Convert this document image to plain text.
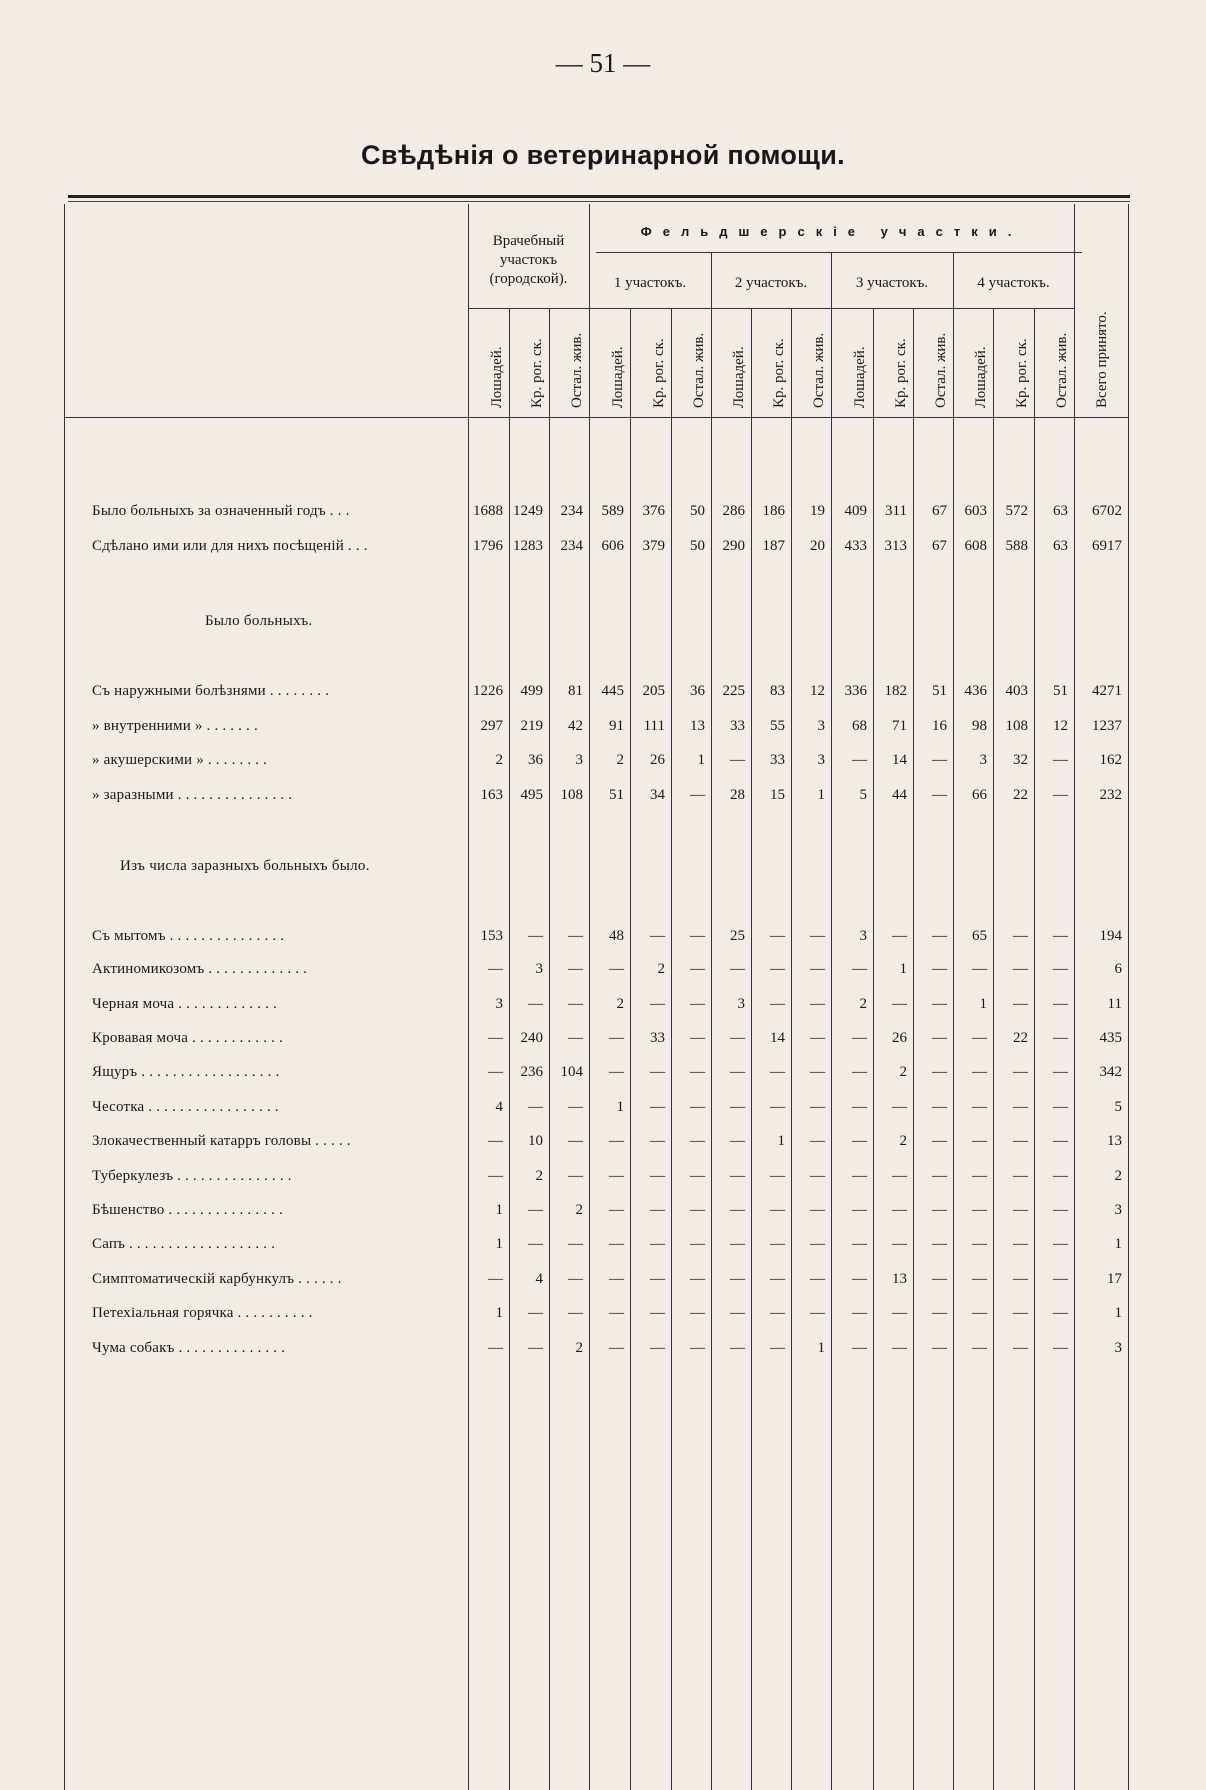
— 51 —
Свѣдѣнія о ветеринарной помощи.
Врачебный
участокъ
(городской).
Фельдшерскіе участки.
1 участокъ.	2 участокъ.	3 участокъ.	4 участокъ.
Лошадей. Кр. рог. ск. Остал. жив. Лошадей. Кр. рог. ск. Остал. жив. Лошадей. Кр. рог. ск. Остал. жив. Лошадей. Кр. рог. ск. Остал. жив. Лошадей. Кр. рог. ск. Остал. жив. Всего принято.
Было больныхъ за означенный годъ . . .	1688 1249	234	589	376	50	286	186	19	409	311	67	603	572	63	6702
Сдѣлано ими или для нихъ посѣщеній . . .	1796 1283	234	606	379	50	290	187	20	433	313	67	608	588	63	6917
Съ наружными болѣзнями . . . . . . . .	1226	499	81	445	205	36	225	83	12	336	182	51	436	403	51	4271
» внутренними » . . . . . . .	297	219	42	91	111	13	33	55	3	68	71	16	98	108	12	1237
» акушерскими » . . . . . . . .	2	36	3	2	26	1	—	33	3	—	14	—	3	32	—	162
» заразными . . . . . . . . . . . . . . .	163	495	108	51	34	—	28	15	1	5	44	—	66	22	—	232
Съ мытомъ . . . . . . . . . . . . . . .	153	—	—	48	—	—	25	—	—	3	—	—	65	—	—	194
Актиномикозомъ . . . . . . . . . . . . .	—	3	—	—	2	—	—	—	—	—	1	—	—	—	—	6
Черная моча . . . . . . . . . . . . .	3	—	—	2	—	—	3	—	—	2	—	—	1	—	—	11
Кровавая моча . . . . . . . . . . . .	—	240	—	—	33	—	—	14	—	—	26	—	—	22	—	435
Ящуръ . . . . . . . . . . . . . . . . . .	—	236	104	—	—	—	—	—	—	—	2	—	—	—	—	342
Чесотка . . . . . . . . . . . . . . . . .	4	—	—	1	—	—	—	—	—	—	—	—	—	—	—	5
Злокачественный катарръ головы . . . . .	—	10	—	—	—	—	—	1	—	—	2	—	—	—	—	13
Туберкулезъ . . . . . . . . . . . . . . .	—	2	—	—	—	—	—	—	—	—	—	—	—	—	—	2
Бѣшенство . . . . . . . . . . . . . . .	1	—	2	—	—	—	—	—	—	—	—	—	—	—	—	3
Сапъ . . . . . . . . . . . . . . . . . . .	1	—	—	—	—	—	—	—	—	—	—	—	—	—	—	1
Симптоматическій карбункулъ . . . . . .	—	4	—	—	—	—	—	—	—	—	13	—	—	—	—	17
Петехіальная горячка . . . . . . . . . .	1	—	—	—	—	—	—	—	—	—	—	—	—	—	—	1
Чума собакъ . . . . . . . . . . . . . .	—	—	2	—	—	—	—	—	1	—	—	—	—	—	—	3
Было больныхъ.
Изъ числа заразныхъ больныхъ было.
